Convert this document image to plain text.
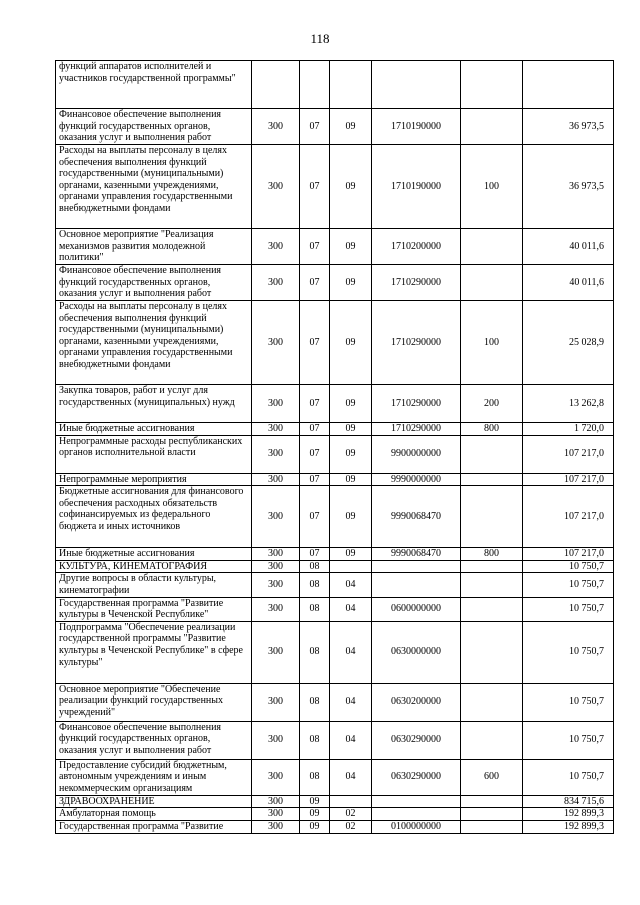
118
функций аппаратов исполнителей и участников государственной программы"						
Финансовое обеспечение выполнения функций государственных органов, оказания услуг и выполнения работ	300	07	09	1710190000		36 973,5
Расходы на выплаты персоналу в целях обеспечения выполнения функций государственными (муниципальными) органами, казенными учреждениями, органами управления государственными внебюджетными фондами	300	07	09	1710190000	100	36 973,5
Основное мероприятие "Реализация механизмов развития молодежной политики"	300	07	09	1710200000		40 011,6
Финансовое обеспечение выполнения функций государственных органов, оказания услуг и выполнения работ	300	07	09	1710290000		40 011,6
Расходы на выплаты персоналу в целях обеспечения выполнения функций государственными (муниципальными) органами, казенными учреждениями, органами управления государственными внебюджетными фондами	300	07	09	1710290000	100	25 028,9
Закупка товаров, работ и услуг для государственных (муниципальных) нужд	300	07	09	1710290000	200	13 262,8
Иные бюджетные ассигнования	300	07	09	1710290000	800	1 720,0
Непрограммные расходы республиканских органов исполнительной власти	300	07	09	9900000000		107 217,0
Непрограммные мероприятия	300	07	09	9990000000		107 217,0
Бюджетные ассигнования для финансового обеспечения расходных обязательств софинансируемых из федерального бюджета и иных источников	300	07	09	9990068470		107 217,0
Иные бюджетные ассигнования	300	07	09	9990068470	800	107 217,0
КУЛЬТУРА, КИНЕМАТОГРАФИЯ	300	08				10 750,7
Другие вопросы в области культуры, кинематографии	300	08	04			10 750,7
Государственная программа "Развитие культуры в Чеченской Республике"	300	08	04	0600000000		10 750,7
Подпрограмма "Обеспечение реализации государственной программы "Развитие культуры в Чеченской Республике" в сфере культуры"	300	08	04	0630000000		10 750,7
Основное мероприятие "Обеспечение реализации функций государственных учреждений"	300	08	04	0630200000		10 750,7
Финансовое обеспечение выполнения функций государственных органов, оказания услуг и выполнения работ	300	08	04	0630290000		10 750,7
Предоставление субсидий бюджетным, автономным учреждениям и иным некоммерческим организациям	300	08	04	0630290000	600	10 750,7
ЗДРАВООХРАНЕНИЕ	300	09				834 715,6
Амбулаторная помощь	300	09	02			192 899,3
Государственная программа "Развитие	300	09	02	0100000000		192 899,3
